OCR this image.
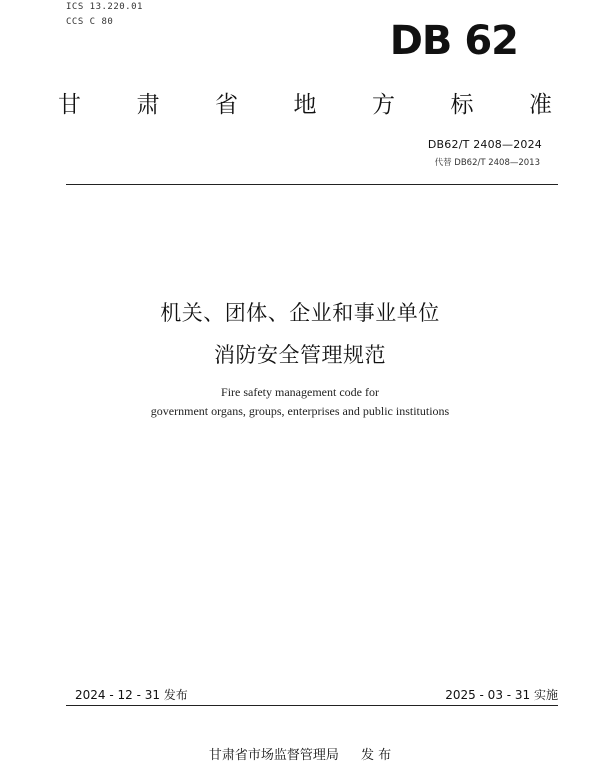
ICS 13.220.01
CCS C 80	DB 62
甘 肃 省 地 方 标 准
DB62/T 2408—2024
代替 DB62/T 2408—2013
机关、团体、企业和事业单位
消防安全管理规范
Fire safety management code for
government organs, groups, enterprises and public institutions
2024 - 12 - 31 发布	2025 - 03 - 31 实施
甘肃省市场监督管理局 发 布
